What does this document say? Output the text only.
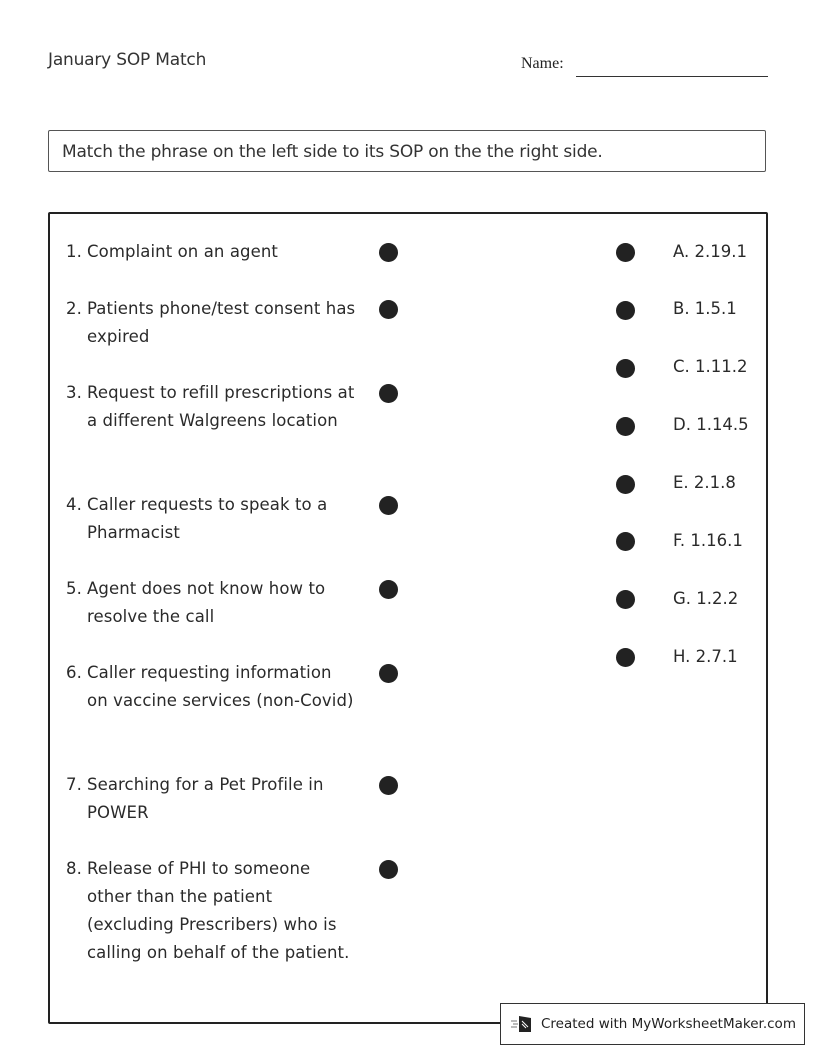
January SOP Match	Name:
Match the phrase on the left side to its SOP on the the right side.
1. Complaint on an agent
2. Patients phone/test consent has expired
3. Request to refill prescriptions at a different Walgreens location
4. Caller requests to speak to a Pharmacist
5. Agent does not know how to resolve the call
6. Caller requesting information on vaccine services (non-Covid)
7. Searching for a Pet Profile in POWER
8. Release of PHI to someone other than the patient (excluding Prescribers) who is calling on behalf of the patient.
A. 2.19.1
B. 1.5.1
C. 1.11.2
D. 1.14.5
E. 2.1.8
F. 1.16.1
G. 1.2.2
H. 2.7.1
Created with MyWorksheetMaker.com
